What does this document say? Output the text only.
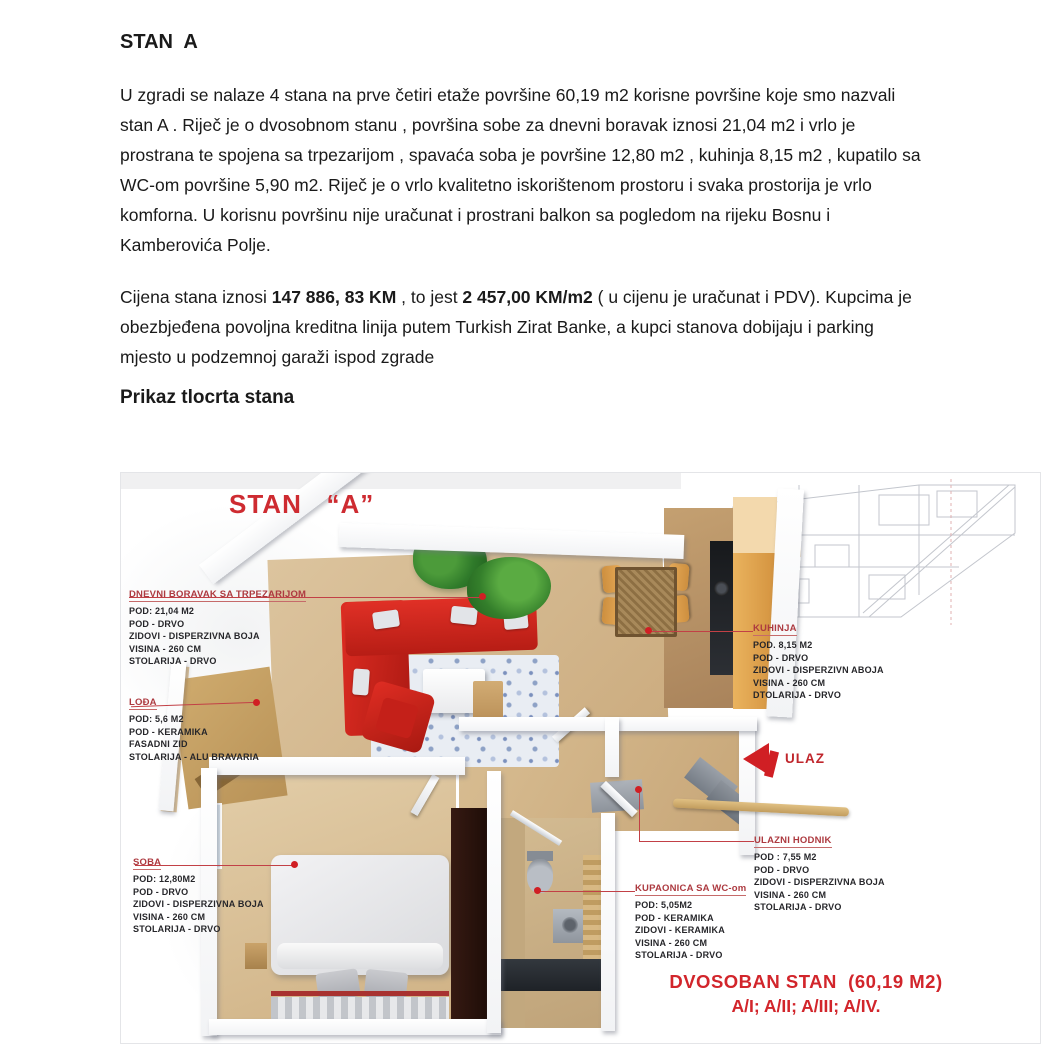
STAN  A

U zgradi se nalaze 4 stana na prve četiri etaže površine 60,19 m2 korisne površine koje smo nazvali stan A . Riječ je o dvosobnom stanu , površina sobe za dnevni boravak iznosi 21,04 m2 i vrlo je prostrana te spojena sa trpezarijom , spavaća soba je površine 12,80 m2 , kuhinja 8,15 m2 , kupatilo sa WC-om površine 5,90 m2. Riječ je o vrlo kvalitetno iskorištenom prostoru i svaka prostorija je vrlo komforna. U korisnu površinu nije uračunat i prostrani balkon sa pogledom na rijeku Bosnu i Kamberovića Polje.

Cijena stana iznosi 147 886, 83 KM , to jest 2 457,00 KM/m2 ( u cijenu je uračunat i PDV). Kupcima je obezbjeđena povoljna kreditna linija putem Turkish Zirat Banke, a kupci stanova dobijaju i parking mjesto u podzemnoj garaži ispod zgrade

Prikaz tlocrta stana
STAN   “A”
ULAZ
DNEVNI BORAVAK SA TRPEZARIJOM
POD: 21,04 M2
POD - DRVO
ZIDOVI - DISPERZIVNA BOJA
VISINA - 260 CM
STOLARIJA - DRVO
LOĐA
POD: 5,6 M2
POD - KERAMIKA
FASADNI ZID
STOLARIJA - ALU BRAVARIA
SOBA
POD: 12,80M2
POD - DRVO
ZIDOVI - DISPERZIVNA BOJA
VISINA - 260 CM
STOLARIJA - DRVO
KUHINJA
POD. 8,15 M2
POD - DRVO
ZIDOVI - DISPERZIVN ABOJA
VISINA - 260 CM
DTOLARIJA - DRVO
ULAZNI HODNIK
POD : 7,55 M2
POD - DRVO
ZIDOVI - DISPERZIVNA BOJA
VISINA - 260 CM
STOLARIJA - DRVO
KUPAONICA SA WC-om
POD: 5,05M2
POD - KERAMIKA
ZIDOVI - KERAMIKA
VISINA - 260 CM
STOLARIJA - DRVO
DVOSOBAN STAN  (60,19 M2)
A/I; A/II; A/III; A/IV.
